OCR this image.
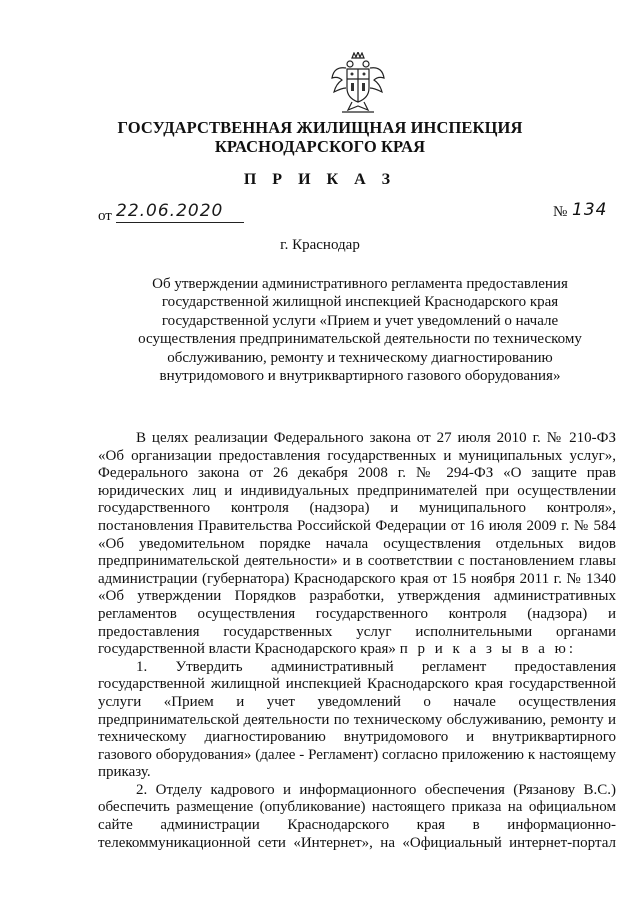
ГОСУДАРСТВЕННАЯ ЖИЛИЩНАЯ ИНСПЕКЦИЯ
КРАСНОДАРСКОГО КРАЯ
П Р И К А З
от 22.06.2020	№ 134
г. Краснодар
Об утверждении административного регламента предоставления государственной жилищной инспекцией Краснодарского края государственной услуги «Прием и учет уведомлений о начале осуществления предпринимательской деятельности по техническому обслуживанию, ремонту и техническому диагностированию внутридомового и внутриквартирного газового оборудования»

В целях реализации Федерального закона от 27 июля 2010 г. № 210-ФЗ «Об организации предоставления государственных и муниципальных услуг», Федерального закона от 26 декабря 2008 г. № 294-ФЗ «О защите прав юридических лиц и индивидуальных предпринимателей при осуществлении государственного контроля (надзора) и муниципального контроля», постановления Правительства Российской Федерации от 16 июля 2009 г. № 584 «Об уведомительном порядке начала осуществления отдельных видов предпринимательской деятельности» и в соответствии с постановлением главы администрации (губернатора) Краснодарского края от 15 ноября 2011 г. № 1340 «Об утверждении Порядков разработки, утверждения административных регламентов осуществления государственного контроля (надзора) и предоставления государственных услуг исполнительными органами государственной власти Краснодарского края» п р и к а з ы в а ю:

1. Утвердить административный регламент предоставления государственной жилищной инспекцией Краснодарского края государственной услуги «Прием и учет уведомлений о начале осуществления предпринимательской деятельности по техническому обслуживанию, ремонту и техническому диагностированию внутридомового и внутриквартирного газового оборудования» (далее - Регламент) согласно приложению к настоящему приказу.

2. Отделу кадрового и информационного обеспечения (Рязанову В.С.) обеспечить размещение (опубликование) настоящего приказа на официальном сайте администрации Краснодарского края в информационно-телекоммуникационной сети «Интернет», на «Официальный интернет-портал
